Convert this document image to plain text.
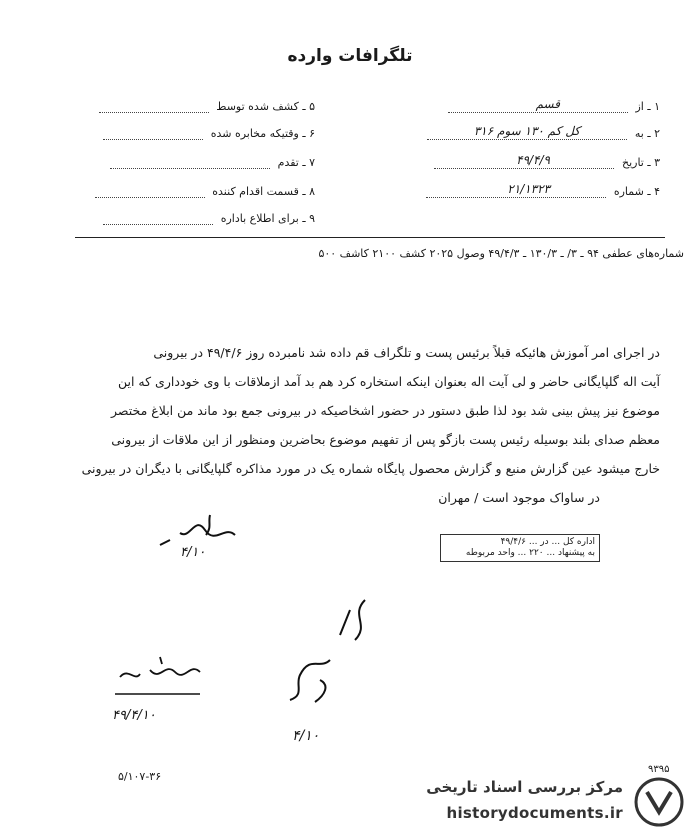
تلگرافات وارده
۱ ـ از
قسم
۲ ـ به
کل کم ۱۳۰ سوم ۳۱۶
۳ ـ تاریخ
۴۹/۴/۹
۴ ـ شماره
۲۱/۱۳۲۳
۵ ـ کشف شده توسط
۶ ـ وقتیکه مخابره شده
۷ ـ تقدم
۸ ـ قسمت اقدام کننده
۹ ـ برای اطلاع باداره
شماره‌های عطفی ۹۴ ـ ۳/ ـ ۱۳۰/۳ ـ ۴۹/۴/۳ وصول ۲۰۲۵ کشف ۲۱۰۰ کاشف ۵۰۰

در اجرای امر آموزش هائیکه قبلاً برئیس پست و تلگراف قم داده شد نامبرده روز ۴۹/۴/۶ در بیرونی

آیت اله گلپایگانی حاضر و لی آیت اله بعنوان اینکه استخاره کرد هم بد آمد ازملاقات با وی خودداری که این

موضوع نیز پیش بینی شد بود لذا طبق دستور در حضور اشخاصیکه در بیرونی جمع بود ماند من ابلاغ مختصر

معظم صدای بلند بوسیله رئیس پست بازگو پس از تفهیم موضوع بحاضرین ومنظور از این ملاقات از بیرونی

خارج میشود عین گزارش منبع و گزارش محصول پایگاه شماره یک در مورد مذاکره گلپایگانی با دیگران در بیرونی

در ساواک موجود است / مهران

۴/۱۰
اداره کل ... در ... ۴۹/۴/۶
به پیشنهاد ... ۲۲۰ ... واحد مربوطه
۴/۱۰
۴۹/۴/۱۰
۵/۱۰۷-۳۶
۹۳۹۵
مرکز بررسی اسناد تاریخی
historydocuments.ir
